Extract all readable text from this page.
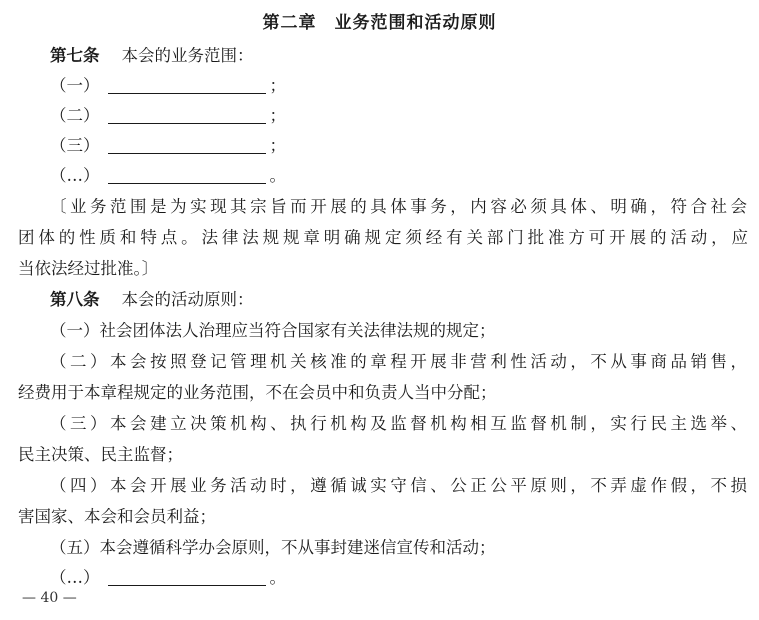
第二章　业务范围和活动原则
第七条 本会的业务范围：
（一）	；
（二）	；
（三）	；
（…）	。
〔业务范围是为实现其宗旨而开展的具体事务，内容必须具体、明确，符合社会
团体的性质和特点。法律法规规章明确规定须经有关部门批准方可开展的活动，应
当依法经过批准。〕
第八条 本会的活动原则：
（一）社会团体法人治理应当符合国家有关法律法规的规定；
（二）本会按照登记管理机关核准的章程开展非营利性活动，不从事商品销售，
经费用于本章程规定的业务范围，不在会员中和负责人当中分配；
（三）本会建立决策机构、执行机构及监督机构相互监督机制，实行民主选举、
民主决策、民主监督；
（四）本会开展业务活动时，遵循诚实守信、公正公平原则，不弄虚作假，不损
害国家、本会和会员利益；
（五）本会遵循科学办会原则，不从事封建迷信宣传和活动；
（…）	。
— 40 —
